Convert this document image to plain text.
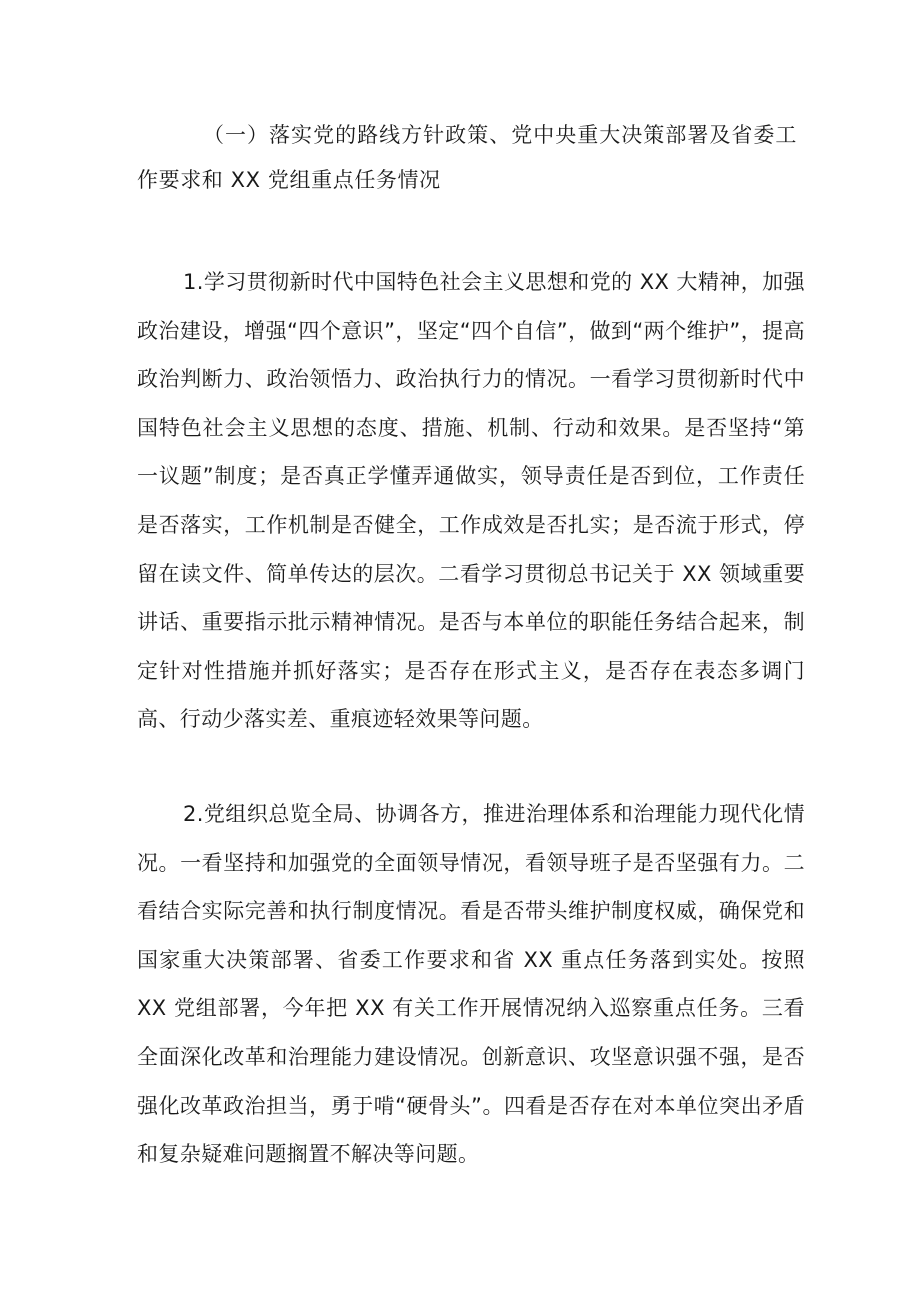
（一）落实党的路线方针政策、党中央重大决策部署及省委工作要求和 XX 党组重点任务情况

1.学习贯彻新时代中国特色社会主义思想和党的 XX 大精神，加强政治建设，增强“四个意识”，坚定“四个自信”，做到“两个维护”，提高政治判断力、政治领悟力、政治执行力的情况。一看学习贯彻新时代中国特色社会主义思想的态度、措施、机制、行动和效果。是否坚持“第一议题”制度；是否真正学懂弄通做实，领导责任是否到位，工作责任是否落实，工作机制是否健全，工作成效是否扎实；是否流于形式，停留在读文件、简单传达的层次。二看学习贯彻总书记关于 XX 领域重要讲话、重要指示批示精神情况。是否与本单位的职能任务结合起来，制定针对性措施并抓好落实；是否存在形式主义，是否存在表态多调门高、行动少落实差、重痕迹轻效果等问题。

2.党组织总览全局、协调各方，推进治理体系和治理能力现代化情况。一看坚持和加强党的全面领导情况，看领导班子是否坚强有力。二看结合实际完善和执行制度情况。看是否带头维护制度权威，确保党和国家重大决策部署、省委工作要求和省 XX 重点任务落到实处。按照 XX 党组部署，今年把 XX 有关工作开展情况纳入巡察重点任务。三看全面深化改革和治理能力建设情况。创新意识、攻坚意识强不强，是否强化改革政治担当，勇于啃“硬骨头”。四看是否存在对本单位突出矛盾和复杂疑难问题搁置不解决等问题。
